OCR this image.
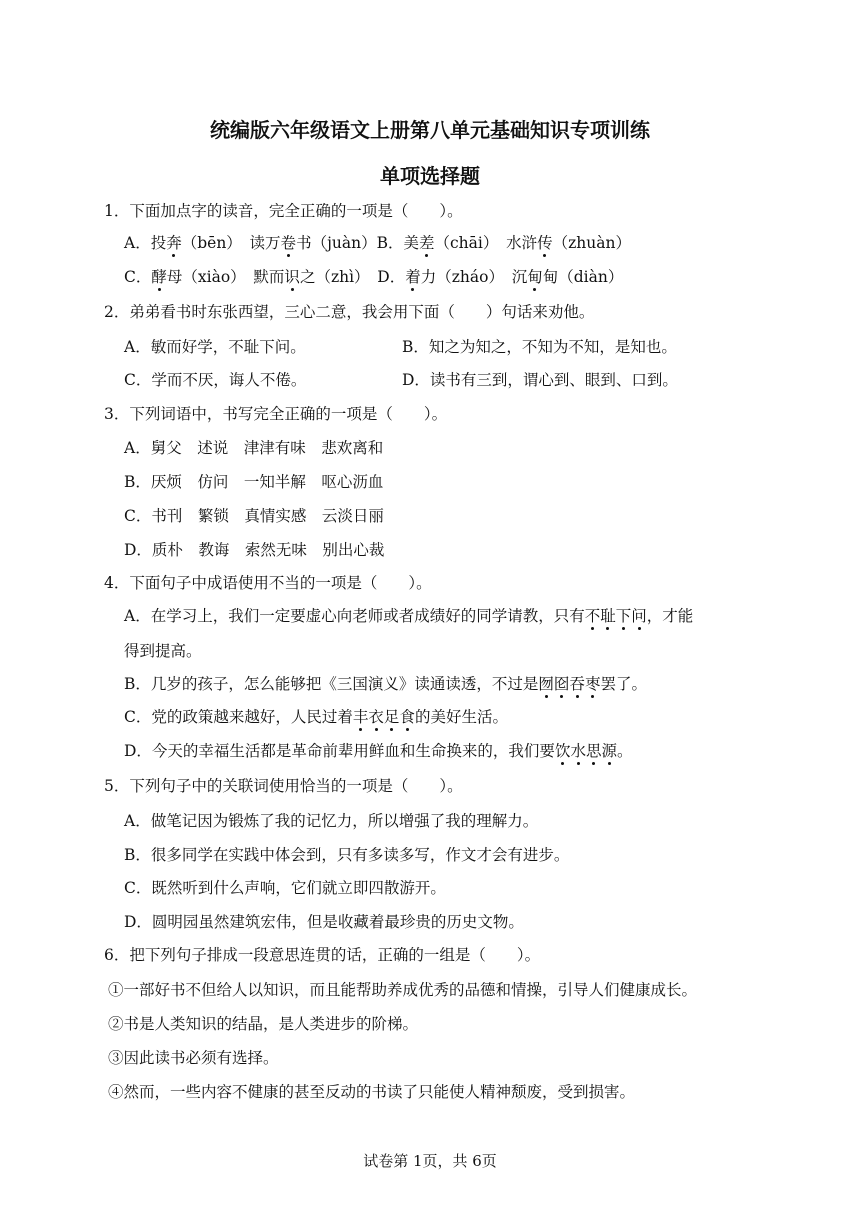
统编版六年级语文上册第八单元基础知识专项训练
单项选择题
1．下面加点字的读音，完全正确的一项是（　　）。
A．投奔（bēn）　读万卷书（juàn）B．美差（chāi）　水浒传（zhuàn）
C．酵母（xiào）　默而识之（zhì）　D．着力（zháo）　沉甸甸（diàn）
2．弟弟看书时东张西望，三心二意，我会用下面（　　）句话来劝他。
A．敏而好学，不耻下问。	B．知之为知之，不知为不知，是知也。
C．学而不厌，诲人不倦。	D．读书有三到，谓心到、眼到、口到。
3．下列词语中，书写完全正确的一项是（　　）。
A．舅父　述说　津津有味　悲欢离和
B．厌烦　仿问　一知半解　呕心沥血
C．书刊　繁锁　真情实感　云淡日丽
D．质朴　教诲　索然无味　别出心裁
4．下面句子中成语使用不当的一项是（　　）。
A．在学习上，我们一定要虚心向老师或者成绩好的同学请教，只有不耻下问，才能
得到提高。
B．几岁的孩子，怎么能够把《三国演义》读通读透，不过是囫囵吞枣罢了。
C．党的政策越来越好，人民过着丰衣足食的美好生活。
D．今天的幸福生活都是革命前辈用鲜血和生命换来的，我们要饮水思源。
5．下列句子中的关联词使用恰当的一项是（　　）。
A．做笔记因为锻炼了我的记忆力，所以增强了我的理解力。
B．很多同学在实践中体会到，只有多读多写，作文才会有进步。
C．既然听到什么声响，它们就立即四散游开。
D．圆明园虽然建筑宏伟，但是收藏着最珍贵的历史文物。
6．把下列句子排成一段意思连贯的话，正确的一组是（　　）。
①一部好书不但给人以知识，而且能帮助养成优秀的品德和情操，引导人们健康成长。
②书是人类知识的结晶，是人类进步的阶梯。
③因此读书必须有选择。
④然而，一些内容不健康的甚至反动的书读了只能使人精神颓废，受到损害。
试卷第 1页，共 6页
